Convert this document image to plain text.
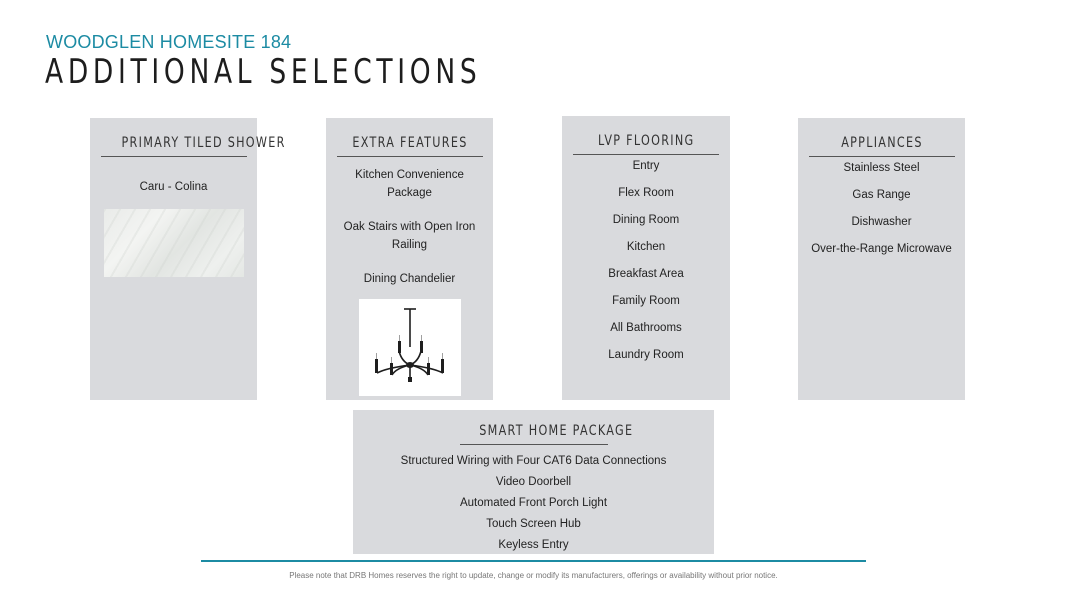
WOODGLEN HOMESITE 184
ADDITIONAL SELECTIONS
PRIMARY TILED SHOWER
Caru - Colina
EXTRA FEATURES
Kitchen Convenience Package
Oak Stairs with Open Iron Railing
Dining Chandelier
LVP FLOORING
Entry
Flex Room
Dining Room
Kitchen
Breakfast Area
Family Room
All Bathrooms
Laundry Room
APPLIANCES
Stainless Steel
Gas Range
Dishwasher
Over-the-Range Microwave
SMART HOME PACKAGE
Structured Wiring with Four CAT6 Data Connections
Video Doorbell
Automated Front Porch Light
Touch Screen Hub
Keyless Entry
Please note that DRB Homes reserves the right to update, change or modify its manufacturers, offerings or availability without prior notice.
